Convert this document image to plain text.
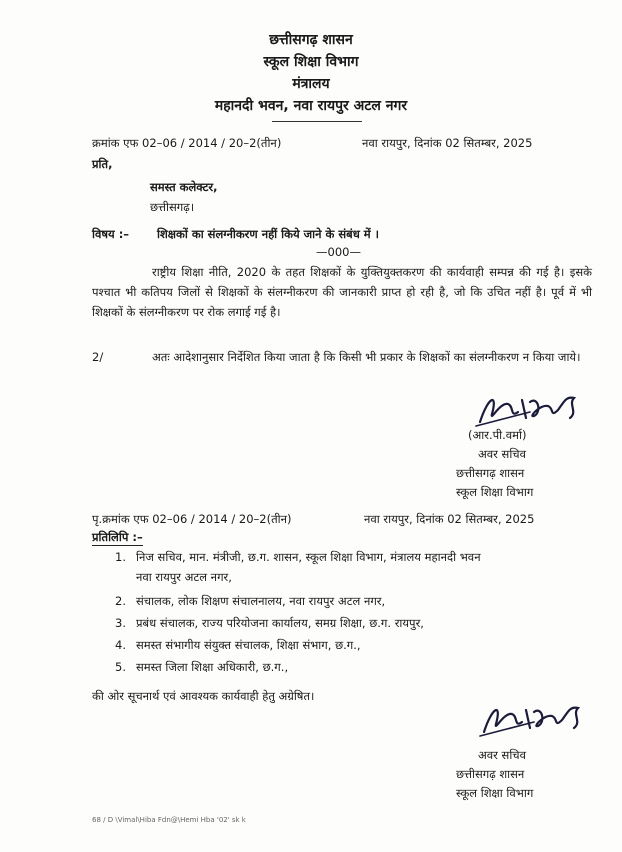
छत्तीसगढ़ शासन
स्कूल शिक्षा विभाग
मंत्रालय
महानदी भवन, नवा रायपुर अटल नगर
क्रमांक एफ 02–06 / 2014 / 20–2(तीन)	नवा रायपुर, दिनांक 02 सितम्बर, 2025
प्रति,
समस्त कलेक्टर,
छत्तीसगढ़।
विषय :– शिक्षकों का संलग्नीकरण नहीं किये जाने के संबंध में ।
—000—
राष्ट्रीय शिक्षा नीति, 2020 के तहत शिक्षकों के युक्तियुक्तकरण की कार्यवाही सम्पन्न की गई है। इसके पश्चात भी कतिपय जिलों से शिक्षकों के संलग्नीकरण की जानकारी प्राप्त हो रही है, जो कि उचित नहीं है। पूर्व में भी शिक्षकों के संलग्नीकरण पर रोक लगाई गई है।
2/	अतः आदेशानुसार निर्देशित किया जाता है कि किसी भी प्रकार के शिक्षकों का संलग्नीकरण न किया जाये।
(आर.पी.वर्मा)
अवर सचिव
छत्तीसगढ़ शासन
स्कूल शिक्षा विभाग
पृ.क्रमांक एफ 02–06 / 2014 / 20–2(तीन)	नवा रायपुर, दिनांक 02 सितम्बर, 2025
प्रतिलिपि :–
1. निज सचिव, मान. मंत्रीजी, छ.ग. शासन, स्कूल शिक्षा विभाग, मंत्रालय महानदी भवन
नवा रायपुर अटल नगर,
2. संचालक, लोक शिक्षण संचालनालय, नवा रायपुर अटल नगर,
3. प्रबंध संचालक, राज्य परियोजना कार्यालय, समग्र शिक्षा, छ.ग. रायपुर,
4. समस्त संभागीय संयुक्त संचालक, शिक्षा संभाग, छ.ग.,
5. समस्त जिला शिक्षा अधिकारी, छ.ग.,
की ओर सूचनार्थ एवं आवश्यक कार्यवाही हेतु अग्रेषित।
अवर सचिव
छत्तीसगढ़ शासन
स्कूल शिक्षा विभाग
68 / D \Vimal\Hiba Fdn@\Hemi Hba '02' sk k
